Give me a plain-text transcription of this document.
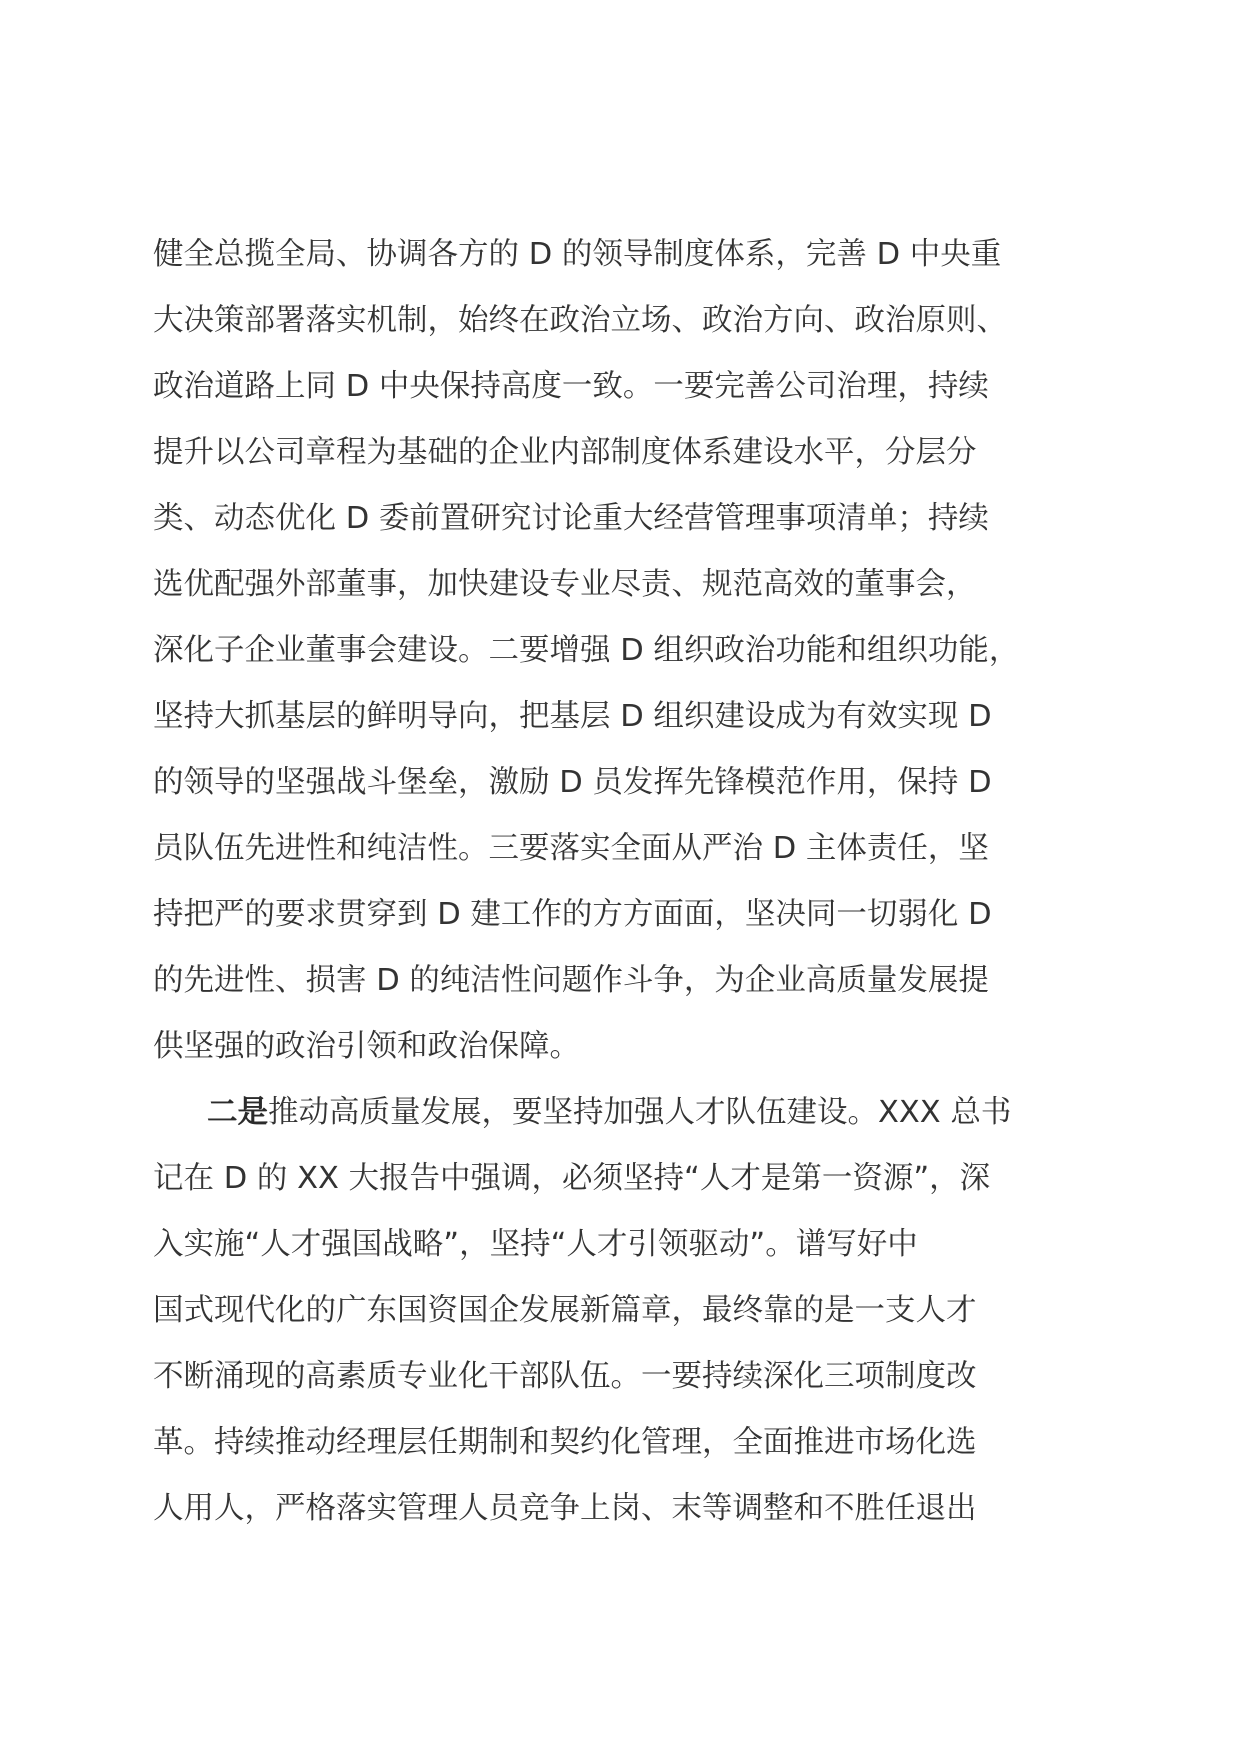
健全总揽全局、协调各方的 D 的领导制度体系，完善 D 中央重
大决策部署落实机制，始终在政治立场、政治方向、政治原则、
政治道路上同 D 中央保持高度一致。一要完善公司治理，持续
提升以公司章程为基础的企业内部制度体系建设水平，分层分
类、动态优化 D 委前置研究讨论重大经营管理事项清单；持续
选优配强外部董事，加快建设专业尽责、规范高效的董事会，
深化子企业董事会建设。二要增强 D 组织政治功能和组织功能，
坚持大抓基层的鲜明导向，把基层 D 组织建设成为有效实现 D
的领导的坚强战斗堡垒，激励 D 员发挥先锋模范作用，保持 D
员队伍先进性和纯洁性。三要落实全面从严治 D 主体责任，坚
持把严的要求贯穿到 D 建工作的方方面面，坚决同一切弱化 D
的先进性、损害 D 的纯洁性问题作斗争，为企业高质量发展提
供坚强的政治引领和政治保障。
二是推动高质量发展，要坚持加强人才队伍建设。XXX 总书
记在 D 的 XX 大报告中强调，必须坚持“人才是第一资源”，深
入实施“人才强国战略”，坚持“人才引领驱动”。谱写好中
国式现代化的广东国资国企发展新篇章，最终靠的是一支人才
不断涌现的高素质专业化干部队伍。一要持续深化三项制度改
革。持续推动经理层任期制和契约化管理，全面推进市场化选
人用人，严格落实管理人员竞争上岗、末等调整和不胜任退出
